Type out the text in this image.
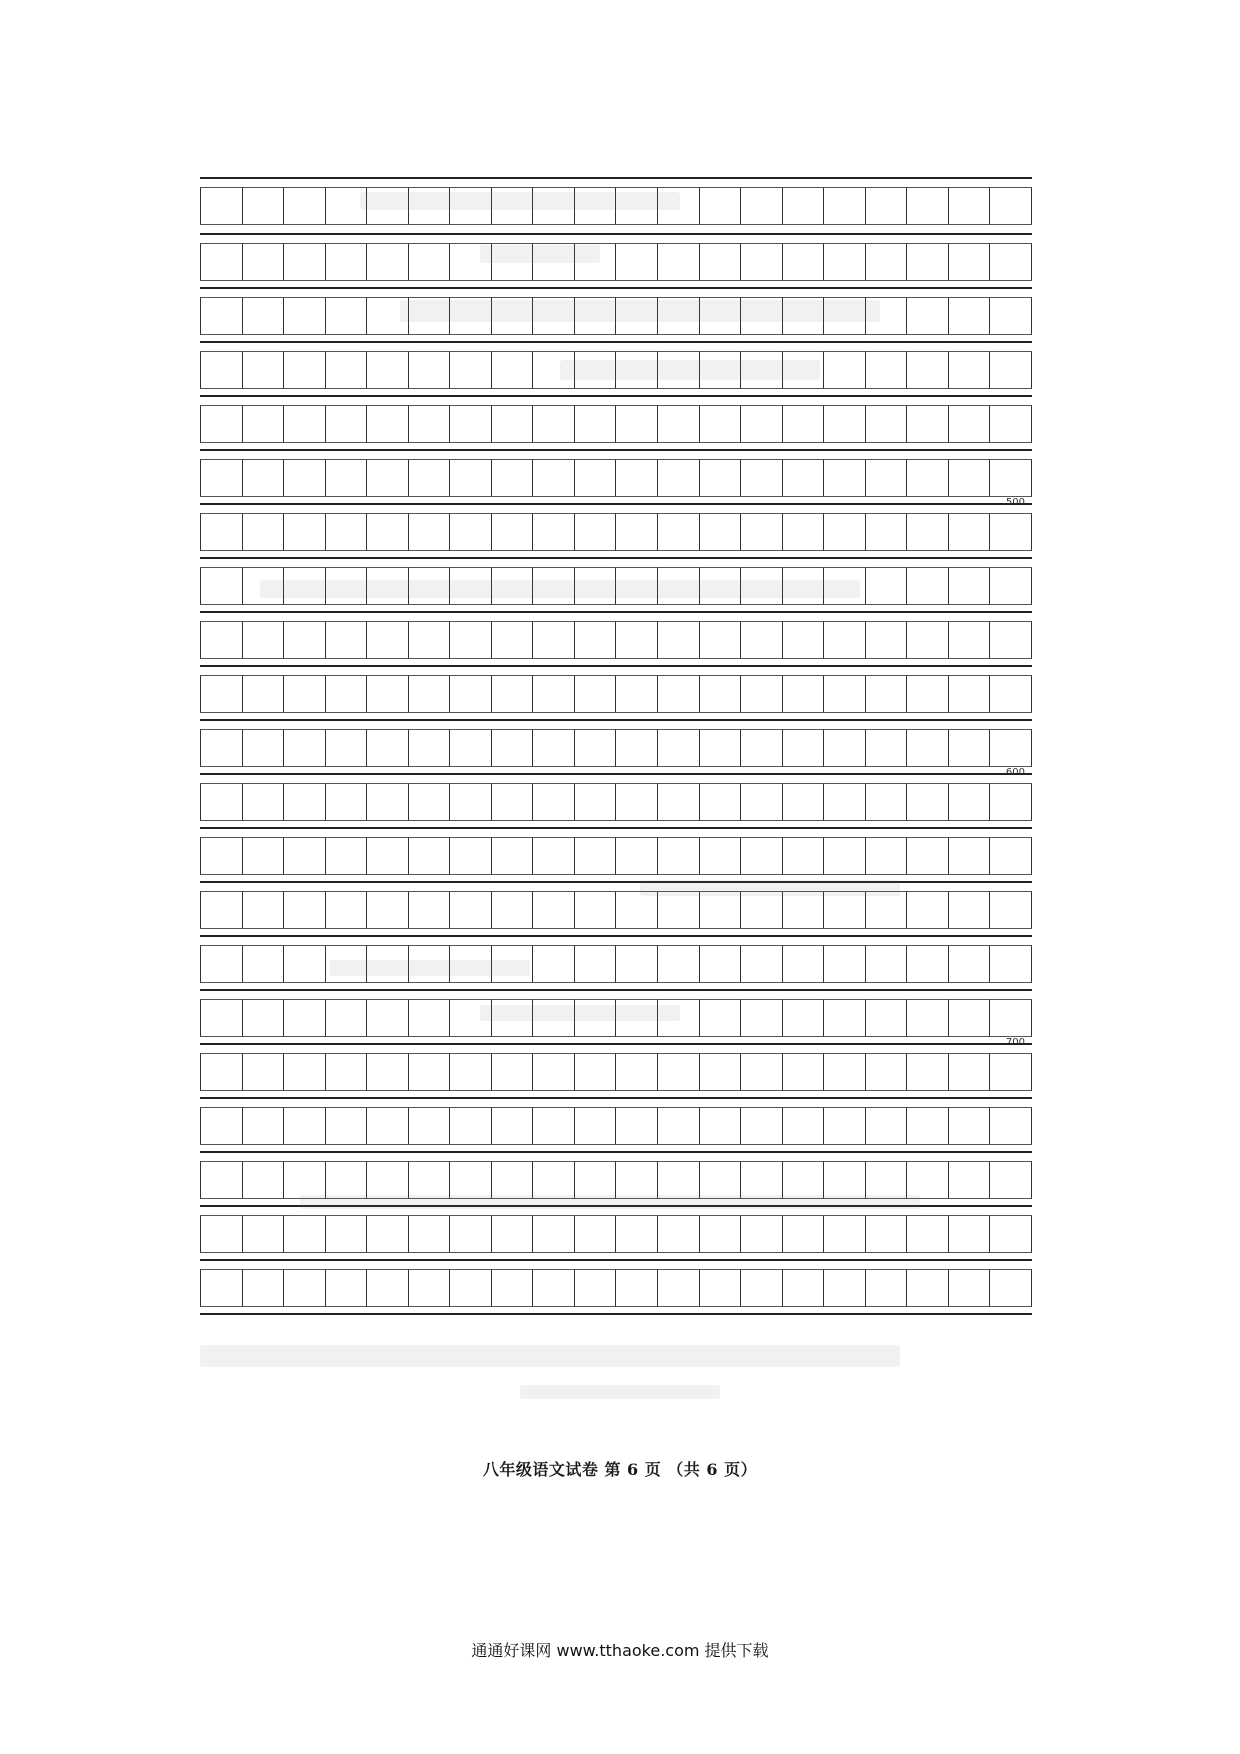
500
600
700
八年级语文试卷 第 6 页 （共 6 页）
通通好课网 www.tthaoke.com 提供下载
